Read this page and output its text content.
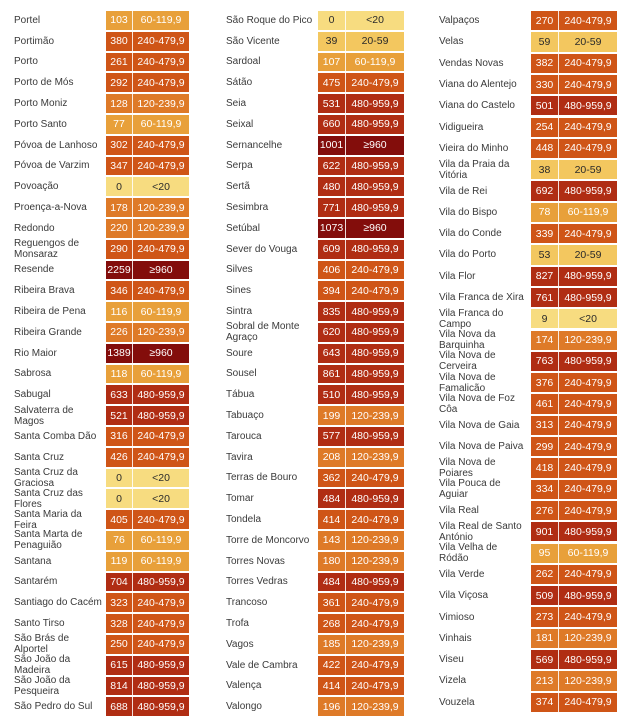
Portel	103	60-119,9
Portimão	380 240-479,9
Porto	261 240-479,9
Porto de Mós	292 240-479,9
Porto Moniz	128 120-239,9
Porto Santo	77	60-119,9
Póvoa de Lanhoso	302 240-479,9
Póvoa de Varzim	347 240-479,9
Povoação	0	<20
Proença-a-Nova	178 120-239,9
Redondo	220 120-239,9
Reguengos de Monsaraz	290 240-479,9
Resende	2259	≥960
Ribeira Brava	346 240-479,9
Ribeira de Pena	116	60-119,9
Ribeira Grande	226 120-239,9
Rio Maior	1389	≥960
Sabrosa	118	60-119,9
Sabugal	633 480-959,9
Salvaterra de Magos	521 480-959,9
Santa Comba Dão	316 240-479,9
Santa Cruz	426 240-479,9
Santa Cruz da Graciosa	0	<20
Santa Cruz das Flores	0	<20
Santa Maria da Feira	405 240-479,9
Santa Marta de Penaguião	76	60-119,9
Santana	119	60-119,9
Santarém	704 480-959,9
Santiago do Cacém 323 240-479,9
Santo Tirso	328 240-479,9
São Brás de Alportel	250 240-479,9
São João da Madeira	615 480-959,9
São João da Pesqueira	814 480-959,9
São Pedro do Sul	688 480-959,9
São Roque do Pico	0	<20
São Vicente	39	20-59
Sardoal	107	60-119,9
Sátão	475	240-479,9
Seia	531	480-959,9
Seixal	660	480-959,9
Sernancelhe	1001	≥960
Serpa	622	480-959,9
Sertã	480	480-959,9
Sesimbra	771	480-959,9
Setúbal	1073	≥960
Sever do Vouga	609	480-959,9
Silves	406	240-479,9
Sines	394	240-479,9
Sintra	835	480-959,9
Sobral de Monte Agraço	620	480-959,9
Soure	643	480-959,9
Sousel	861	480-959,9
Tábua	510	480-959,9
Tabuaço	199	120-239,9
Tarouca	577	480-959,9
Tavira	208	120-239,9
Terras de Bouro	362	240-479,9
Tomar	484	480-959,9
Tondela	414	240-479,9
Torre de Moncorvo	143	120-239,9
Torres Novas	180	120-239,9
Torres Vedras	484	480-959,9
Trancoso	361	240-479,9
Trofa	268	240-479,9
Vagos	185	120-239,9
Vale de Cambra	422	240-479,9
Valença	414	240-479,9
Valongo	196	120-239,9
Valpaços	270	240-479,9
Velas	59	20-59
Vendas Novas	382	240-479,9
Viana do Alentejo	330	240-479,9
Viana do Castelo	501	480-959,9
Vidigueira	254	240-479,9
Vieira do Minho	448	240-479,9
Vila da Praia da Vitória	38	20-59
Vila de Rei	692	480-959,9
Vila do Bispo	78	60-119,9
Vila do Conde	339	240-479,9
Vila do Porto	53	20-59
Vila Flor	827	480-959,9
Vila Franca de Xira	761	480-959,9
Vila Franca do Campo	9	<20
Vila Nova da Barquinha	174	120-239,9
Vila Nova de Cerveira	763	480-959,9
Vila Nova de Famalicão	376	240-479,9
Vila Nova de Foz Côa	461	240-479,9
Vila Nova de Gaia	313	240-479,9
Vila Nova de Paiva	299	240-479,9
Vila Nova de Poiares	418	240-479,9
Vila Pouca de Aguiar	334	240-479,9
Vila Real	276	240-479,9
Vila Real de Santo António	901	480-959,9
Vila Velha de Ródão	95	60-119,9
Vila Verde	262	240-479,9
Vila Viçosa	509	480-959,9
Vimioso	273	240-479,9
Vinhais	181	120-239,9
Viseu	569	480-959,9
Vizela	213	120-239,9
Vouzela	374	240-479,9
